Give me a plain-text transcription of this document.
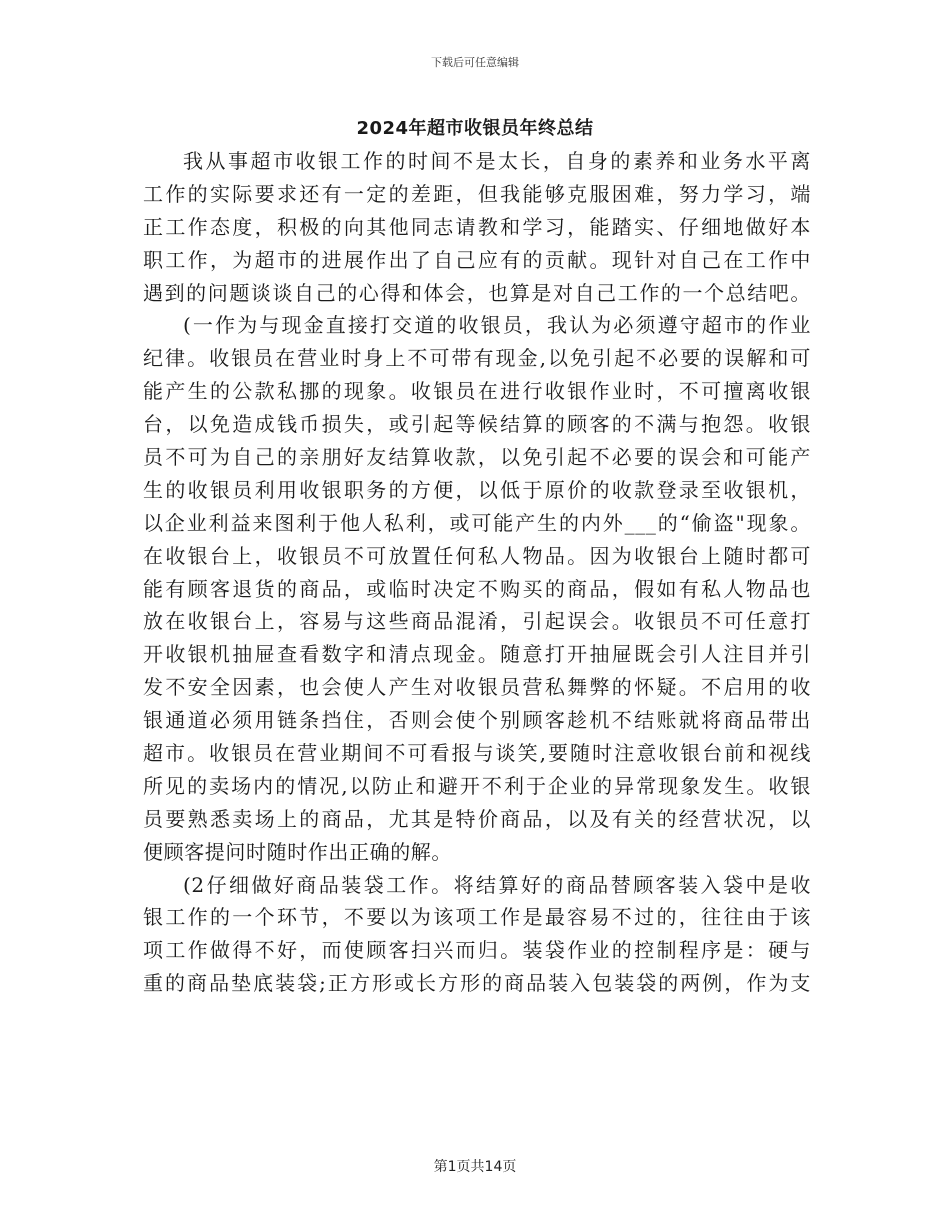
下载后可任意编辑
2024年超市收银员年终总结
我从事超市收银工作的时间不是太长，自身的素养和业务水平离
工作的实际要求还有一定的差距，但我能够克服困难，努力学习，端
正工作态度，积极的向其他同志请教和学习，能踏实、仔细地做好本
职工作，为超市的进展作出了自己应有的贡献。现针对自己在工作中
遇到的问题谈谈自己的心得和体会，也算是对自己工作的一个总结吧。
(一作为与现金直接打交道的收银员，我认为必须遵守超市的作业
纪律。收银员在营业时身上不可带有现金,以免引起不必要的误解和可
能产生的公款私挪的现象。收银员在进行收银作业时，不可擅离收银
台，以免造成钱币损失，或引起等候结算的顾客的不满与抱怨。收银
员不可为自己的亲朋好友结算收款，以免引起不必要的误会和可能产
生的收银员利用收银职务的方便，以低于原价的收款登录至收银机，
以企业利益来图利于他人私利，或可能产生的内外___的“偷盗"现象。
在收银台上，收银员不可放置任何私人物品。因为收银台上随时都可
能有顾客退货的商品，或临时决定不购买的商品，假如有私人物品也
放在收银台上，容易与这些商品混淆，引起误会。收银员不可任意打
开收银机抽屉查看数字和清点现金。随意打开抽屉既会引人注目并引
发不安全因素，也会使人产生对收银员营私舞弊的怀疑。不启用的收
银通道必须用链条挡住，否则会使个别顾客趁机不结账就将商品带出
超市。收银员在营业期间不可看报与谈笑,要随时注意收银台前和视线
所见的卖场内的情况,以防止和避开不利于企业的异常现象发生。收银
员要熟悉卖场上的商品，尤其是特价商品，以及有关的经营状况，以
便顾客提问时随时作出正确的解。
(2仔细做好商品装袋工作。将结算好的商品替顾客装入袋中是收
银工作的一个环节，不要以为该项工作是最容易不过的，往往由于该
项工作做得不好，而使顾客扫兴而归。装袋作业的控制程序是：硬与
重的商品垫底装袋;正方形或长方形的商品装入包装袋的两例，作为支
第1页共14页
